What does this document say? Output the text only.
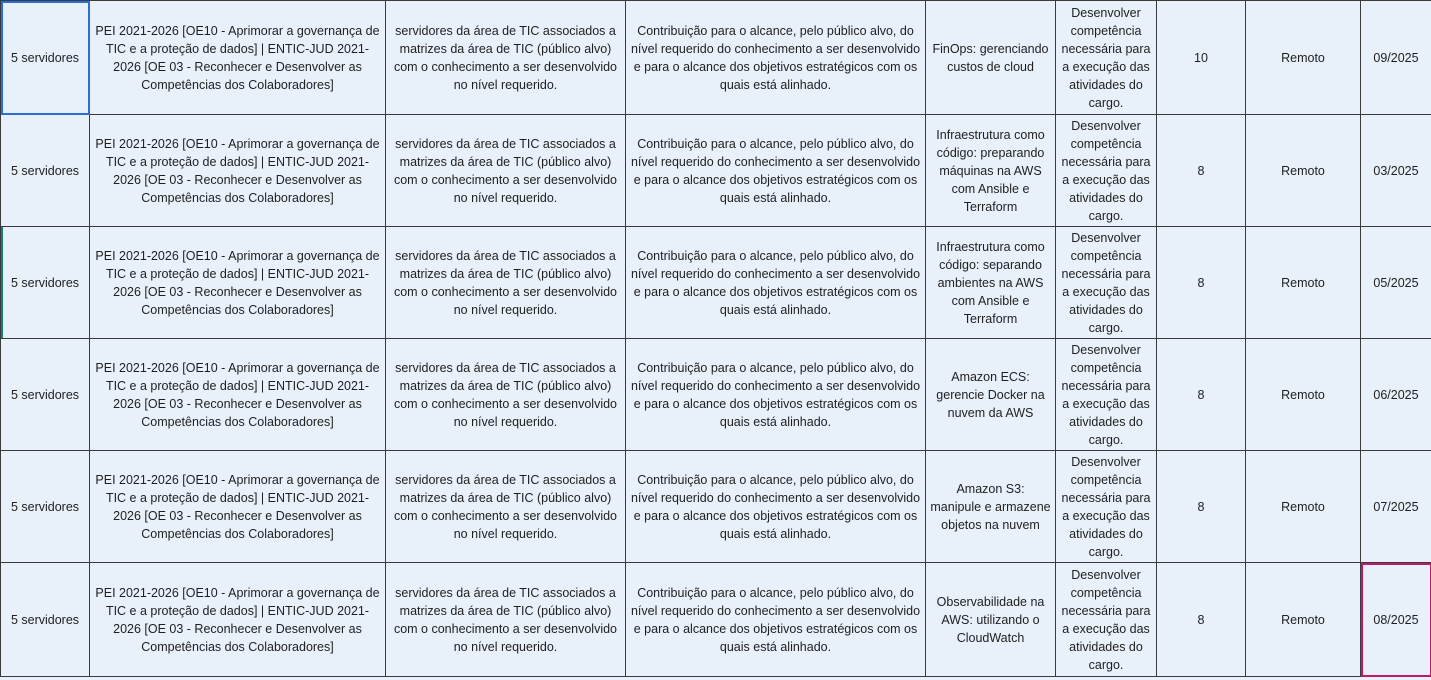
5 servidores	PEI 2021-2026 [OE10 - Aprimorar a governança de TIC e a proteção de dados] | ENTIC-JUD 2021-2026 [OE 03 - Reconhecer e Desenvolver as Competências dos Colaboradores]	servidores da área de TIC associados a matrizes da área de TIC (público alvo) com o conhecimento a ser desenvolvido no nível requerido.	Contribuição para o alcance, pelo público alvo, do nível requerido do conhecimento a ser desenvolvido e para o alcance dos objetivos estratégicos com os quais está alinhado.	FinOps: gerenciando custos de cloud	Desenvolver competência necessária para a execução das atividades do cargo.	10	Remoto	09/2025
5 servidores	PEI 2021-2026 [OE10 - Aprimorar a governança de TIC e a proteção de dados] | ENTIC-JUD 2021-2026 [OE 03 - Reconhecer e Desenvolver as Competências dos Colaboradores]	servidores da área de TIC associados a matrizes da área de TIC (público alvo) com o conhecimento a ser desenvolvido no nível requerido.	Contribuição para o alcance, pelo público alvo, do nível requerido do conhecimento a ser desenvolvido e para o alcance dos objetivos estratégicos com os quais está alinhado.	Infraestrutura como código: preparando máquinas na AWS com Ansible e Terraform	Desenvolver competência necessária para a execução das atividades do cargo.	8	Remoto	03/2025
5 servidores	PEI 2021-2026 [OE10 - Aprimorar a governança de TIC e a proteção de dados] | ENTIC-JUD 2021-2026 [OE 03 - Reconhecer e Desenvolver as Competências dos Colaboradores]	servidores da área de TIC associados a matrizes da área de TIC (público alvo) com o conhecimento a ser desenvolvido no nível requerido.	Contribuição para o alcance, pelo público alvo, do nível requerido do conhecimento a ser desenvolvido e para o alcance dos objetivos estratégicos com os quais está alinhado.	Infraestrutura como código: separando ambientes na AWS com Ansible e Terraform	Desenvolver competência necessária para a execução das atividades do cargo.	8	Remoto	05/2025
5 servidores	PEI 2021-2026 [OE10 - Aprimorar a governança de TIC e a proteção de dados] | ENTIC-JUD 2021-2026 [OE 03 - Reconhecer e Desenvolver as Competências dos Colaboradores]	servidores da área de TIC associados a matrizes da área de TIC (público alvo) com o conhecimento a ser desenvolvido no nível requerido.	Contribuição para o alcance, pelo público alvo, do nível requerido do conhecimento a ser desenvolvido e para o alcance dos objetivos estratégicos com os quais está alinhado.	Amazon ECS: gerencie Docker na nuvem da AWS	Desenvolver competência necessária para a execução das atividades do cargo.	8	Remoto	06/2025
5 servidores	PEI 2021-2026 [OE10 - Aprimorar a governança de TIC e a proteção de dados] | ENTIC-JUD 2021-2026 [OE 03 - Reconhecer e Desenvolver as Competências dos Colaboradores]	servidores da área de TIC associados a matrizes da área de TIC (público alvo) com o conhecimento a ser desenvolvido no nível requerido.	Contribuição para o alcance, pelo público alvo, do nível requerido do conhecimento a ser desenvolvido e para o alcance dos objetivos estratégicos com os quais está alinhado.	Amazon S3: manipule e armazene objetos na nuvem	Desenvolver competência necessária para a execução das atividades do cargo.	8	Remoto	07/2025
5 servidores	PEI 2021-2026 [OE10 - Aprimorar a governança de TIC e a proteção de dados] | ENTIC-JUD 2021-2026 [OE 03 - Reconhecer e Desenvolver as Competências dos Colaboradores]	servidores da área de TIC associados a matrizes da área de TIC (público alvo) com o conhecimento a ser desenvolvido no nível requerido.	Contribuição para o alcance, pelo público alvo, do nível requerido do conhecimento a ser desenvolvido e para o alcance dos objetivos estratégicos com os quais está alinhado.	Observabilidade na AWS: utilizando o CloudWatch	Desenvolver competência necessária para a execução das atividades do cargo.	8	Remoto	08/2025
